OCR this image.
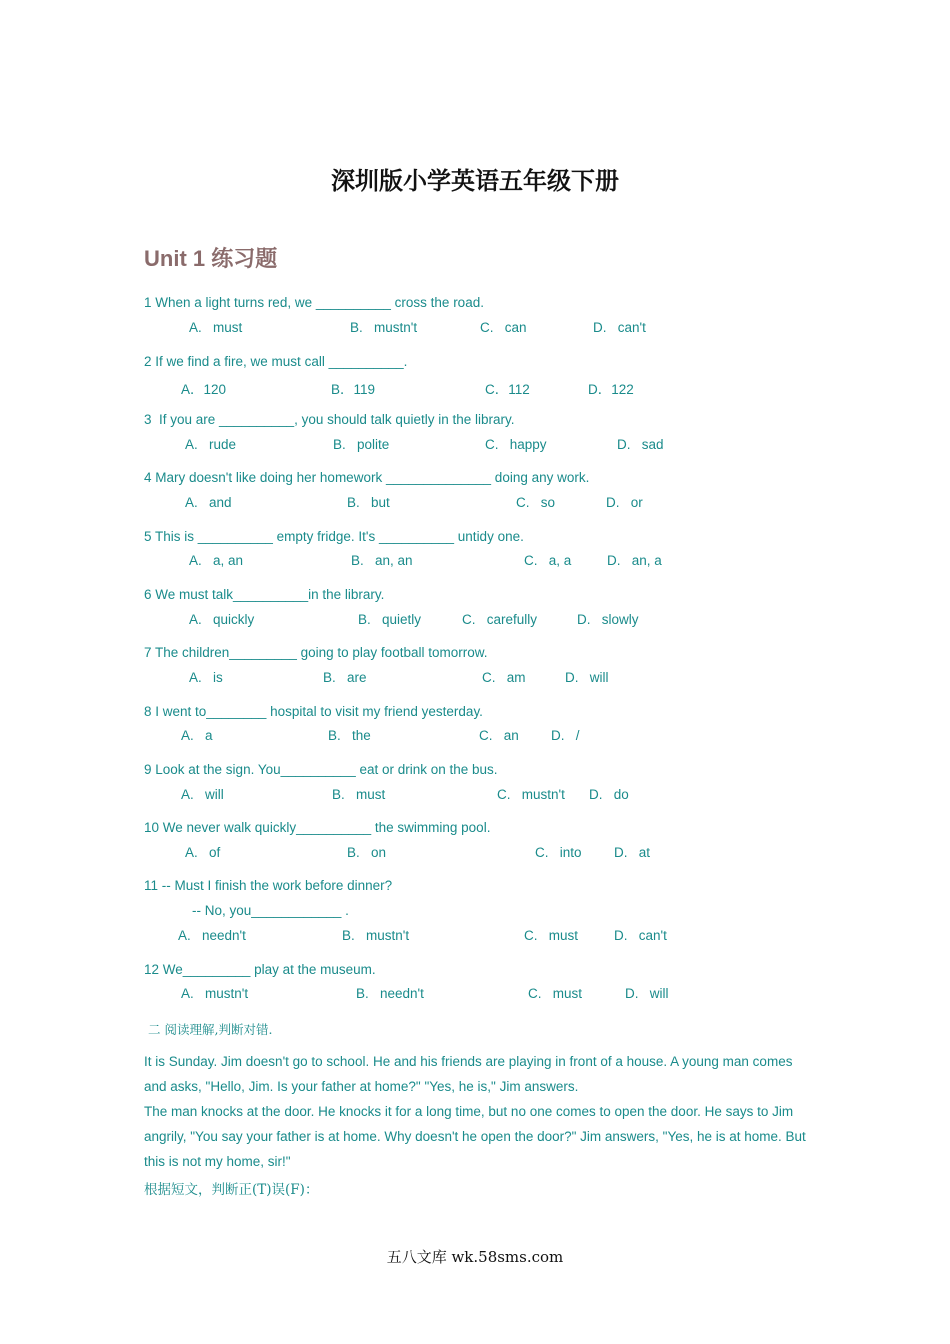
深圳版小学英语五年级下册
Unit 1 练习题
1 When a light turns red, we __________ cross the road.
A.   must	B.   mustn't	C.   can	D.   can't
2 If we find a fire, we must call __________.
A．120	B．119	C．112	D．122
3  If you are __________, you should talk quietly in the library.
A.   rude	B.   polite	C.   happy	D.   sad
4 Mary doesn't like doing her homework ______________ doing any work.
A.   and	B.   but	C.   so	D.   or
5 This is __________ empty fridge. It's __________ untidy one.
A.   a, an	B.   an, an	C.   a, a	D.   an, a
6 We must talk__________in the library.
A.   quickly	B.   quietly	C.   carefully	D.   slowly
7 The children_________ going to play football tomorrow.
A.   is	B.   are	C.   am	D.   will
8 I went to________ hospital to visit my friend yesterday.
A.   a	B.   the	C.   an D.   /
9 Look at the sign. You__________ eat or drink on the bus.
A.   will	B.   must	C.   mustn't D.   do
10 We never walk quickly__________ the swimming pool.
A.   of	B.   on	C.   into D.   at
11 -- Must I finish the work before dinner?
-- No, you____________ .
A.   needn't	B.   mustn't	C.   must	D.   can't
12 We_________ play at the museum.
A.   mustn't	B.   needn't	C.   must	D.   will
二 阅读理解,判断对错.
It is Sunday. Jim doesn't go to school. He and his friends are playing in front of a house. A young man comes and asks, "Hello, Jim. Is your father at home?" "Yes, he is," Jim answers.
The man knocks at the door. He knocks it for a long time, but no one comes to open the door. He says to Jim angrily, "You say your father is at home. Why doesn't he open the door?" Jim answers, "Yes, he is at home. But this is not my home, sir!"
根据短文，判断正(T)误(F)：
五八文库 wk.58sms.com
